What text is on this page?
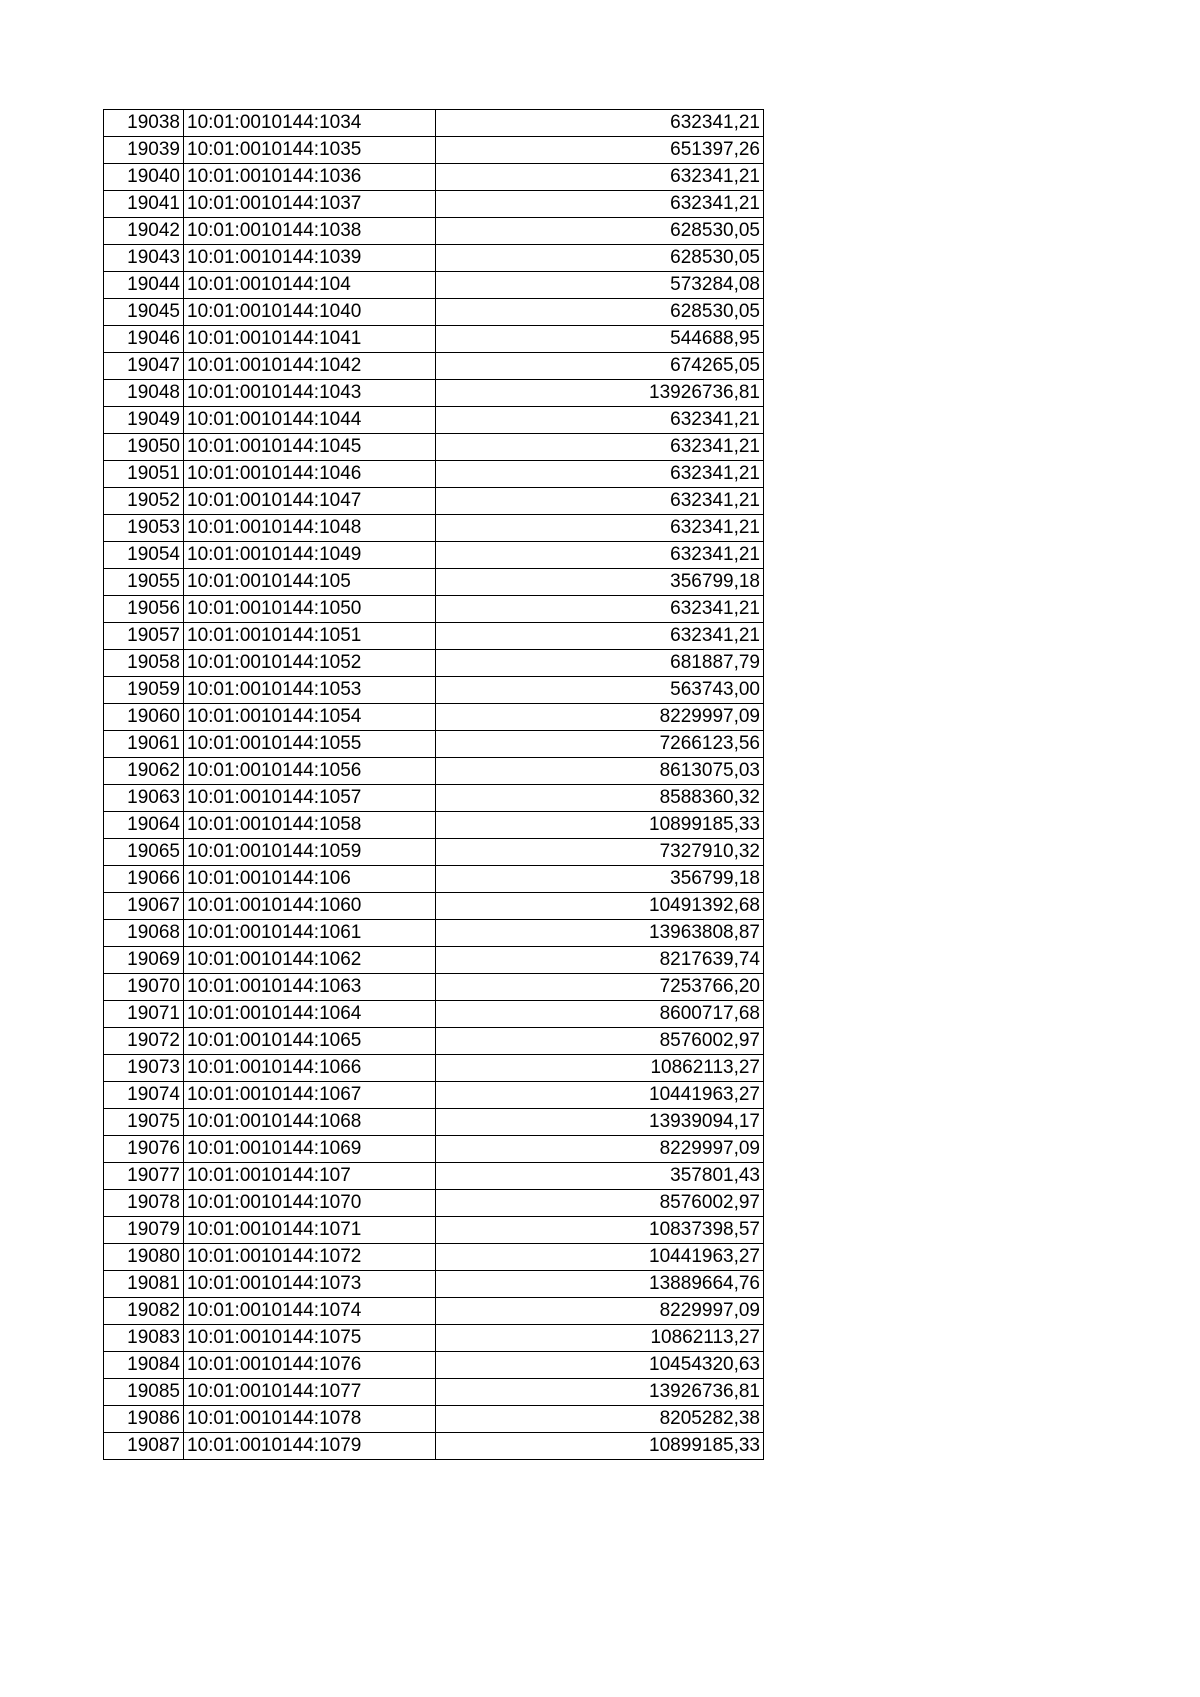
19038	10:01:0010144:1034	632341,21
19039	10:01:0010144:1035	651397,26
19040	10:01:0010144:1036	632341,21
19041	10:01:0010144:1037	632341,21
19042	10:01:0010144:1038	628530,05
19043	10:01:0010144:1039	628530,05
19044	10:01:0010144:104	573284,08
19045	10:01:0010144:1040	628530,05
19046	10:01:0010144:1041	544688,95
19047	10:01:0010144:1042	674265,05
19048	10:01:0010144:1043	13926736,81
19049	10:01:0010144:1044	632341,21
19050	10:01:0010144:1045	632341,21
19051	10:01:0010144:1046	632341,21
19052	10:01:0010144:1047	632341,21
19053	10:01:0010144:1048	632341,21
19054	10:01:0010144:1049	632341,21
19055	10:01:0010144:105	356799,18
19056	10:01:0010144:1050	632341,21
19057	10:01:0010144:1051	632341,21
19058	10:01:0010144:1052	681887,79
19059	10:01:0010144:1053	563743,00
19060	10:01:0010144:1054	8229997,09
19061	10:01:0010144:1055	7266123,56
19062	10:01:0010144:1056	8613075,03
19063	10:01:0010144:1057	8588360,32
19064	10:01:0010144:1058	10899185,33
19065	10:01:0010144:1059	7327910,32
19066	10:01:0010144:106	356799,18
19067	10:01:0010144:1060	10491392,68
19068	10:01:0010144:1061	13963808,87
19069	10:01:0010144:1062	8217639,74
19070	10:01:0010144:1063	7253766,20
19071	10:01:0010144:1064	8600717,68
19072	10:01:0010144:1065	8576002,97
19073	10:01:0010144:1066	10862113,27
19074	10:01:0010144:1067	10441963,27
19075	10:01:0010144:1068	13939094,17
19076	10:01:0010144:1069	8229997,09
19077	10:01:0010144:107	357801,43
19078	10:01:0010144:1070	8576002,97
19079	10:01:0010144:1071	10837398,57
19080	10:01:0010144:1072	10441963,27
19081	10:01:0010144:1073	13889664,76
19082	10:01:0010144:1074	8229997,09
19083	10:01:0010144:1075	10862113,27
19084	10:01:0010144:1076	10454320,63
19085	10:01:0010144:1077	13926736,81
19086	10:01:0010144:1078	8205282,38
19087	10:01:0010144:1079	10899185,33
